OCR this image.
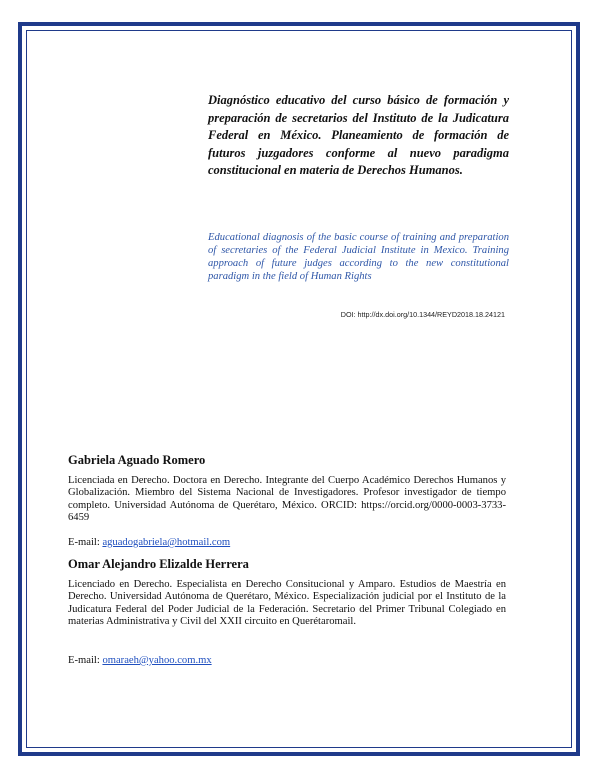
Diagnóstico educativo del curso básico de formación y preparación de secretarios del Instituto de la Judicatura Federal en México. Planeamiento de formación de futuros juzgadores conforme al nuevo paradigma constitucional en materia de Derechos Humanos.

Educational diagnosis of the basic course of training and preparation of secretaries of the Federal Judicial Institute in Mexico. Training approach of future judges according to the new constitutional paradigm in the field of Human Rights

DOI: http://dx.doi.org/10.1344/REYD2018.18.24121

Gabriela Aguado Romero

Licenciada en Derecho. Doctora en Derecho. Integrante del Cuerpo Académico Derechos Humanos y Globalización. Miembro del Sistema Nacional de Investigadores. Profesor investigador de tiempo completo. Universidad Autónoma de Querétaro, México. ORCID: https://orcid.org/0000-0003-3733-6459

E-mail: aguadogabriela@hotmail.com

Omar Alejandro Elizalde Herrera

Licenciado en Derecho. Especialista en Derecho Consitucional y Amparo. Estudios de Maestría en Derecho. Universidad Autónoma de Querétaro, México. Especialización judicial por el Instituto de la Judicatura Federal del Poder Judicial de la Federación. Secretario del Primer Tribunal Colegiado en materias Administrativa y Civil del XXII circuito en Querétaromail.

E-mail: omaraeh@yahoo.com.mx
